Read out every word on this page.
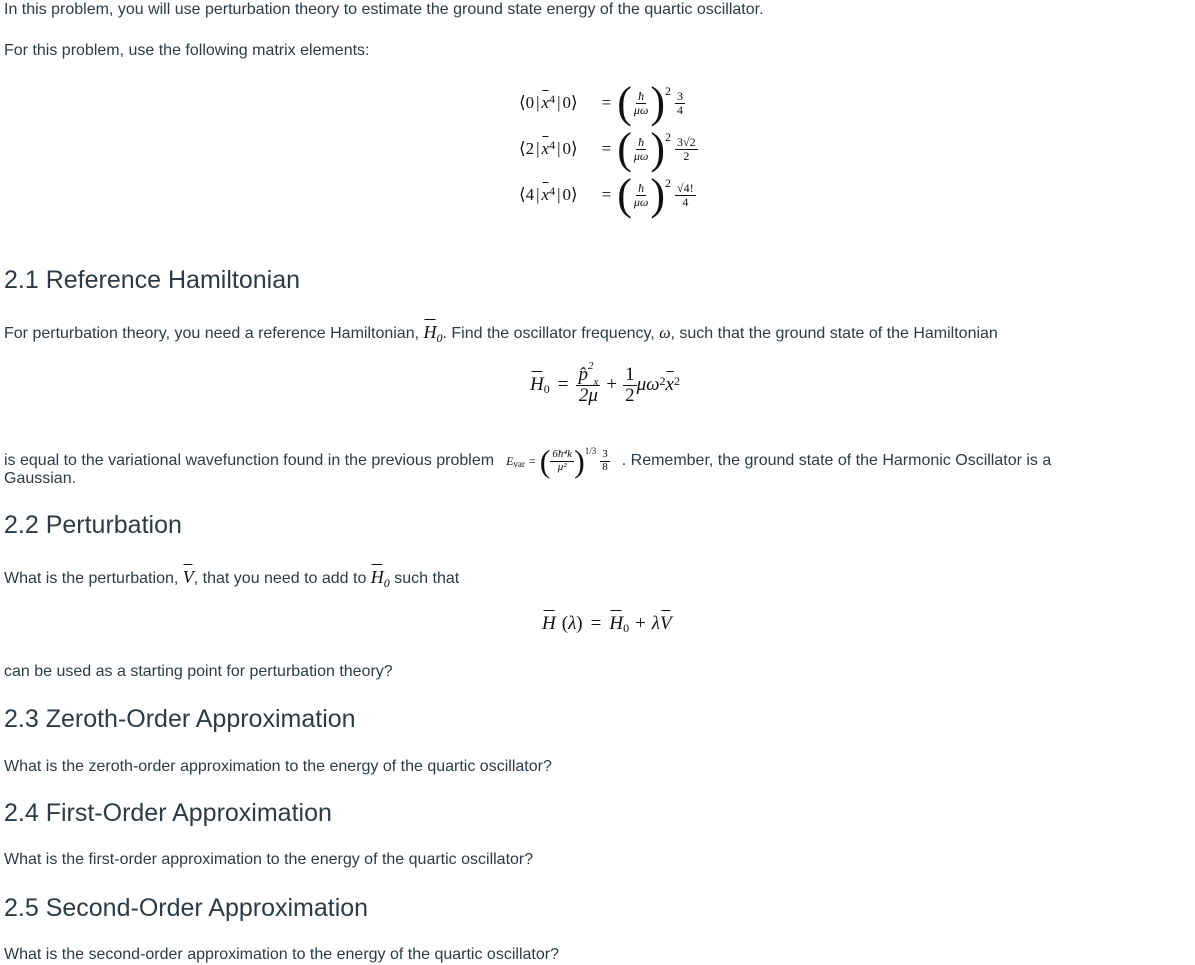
In this problem, you will use perturbation theory to estimate the ground state energy of the quartic oscillator.
For this problem, use the following matrix elements:
⟨ 0 | x 4 | 0 ⟩ = ( $\frac{ħ}{\mu\omega}$ ) $2 \frac{3}{4}$
⟨ 2 | x 4 | 0 ⟩ = ( $\frac{ħ}{\mu\omega}$ ) $2 \frac{3√2}{2}$
⟨ 4 | x 4 | 0 ⟩ = ( $\frac{ħ}{\mu\omega}$ ) $2 \frac{√4!}{4}$
2.1 Reference Hamiltonian
For perturbation theory, you need a reference Hamiltonian, $H_0$. Find the oscillator frequency, ω, such that the ground state of the Hamiltonian
H $0 = \frac{p̂^2_x}{2\mu} + \frac{1}{2}$ μω 2 x 2
is equal to the variational wavefunction found in the previous problem E var = ( $\frac{\text{6ħ⁴k}}{\text{μ²}}$ ) $1/3 \frac{3}{8}$ . Remember, the ground state of the Harmonic Oscillator is a
Gaussian.
2.2 Perturbation
What is the perturbation, V, that you need to add to $H_0$ such that
H ( λ ) = H 0 + λ V
can be used as a starting point for perturbation theory?
2.3 Zeroth-Order Approximation
What is the zeroth-order approximation to the energy of the quartic oscillator?
2.4 First-Order Approximation
What is the first-order approximation to the energy of the quartic oscillator?
2.5 Second-Order Approximation
What is the second-order approximation to the energy of the quartic oscillator?
